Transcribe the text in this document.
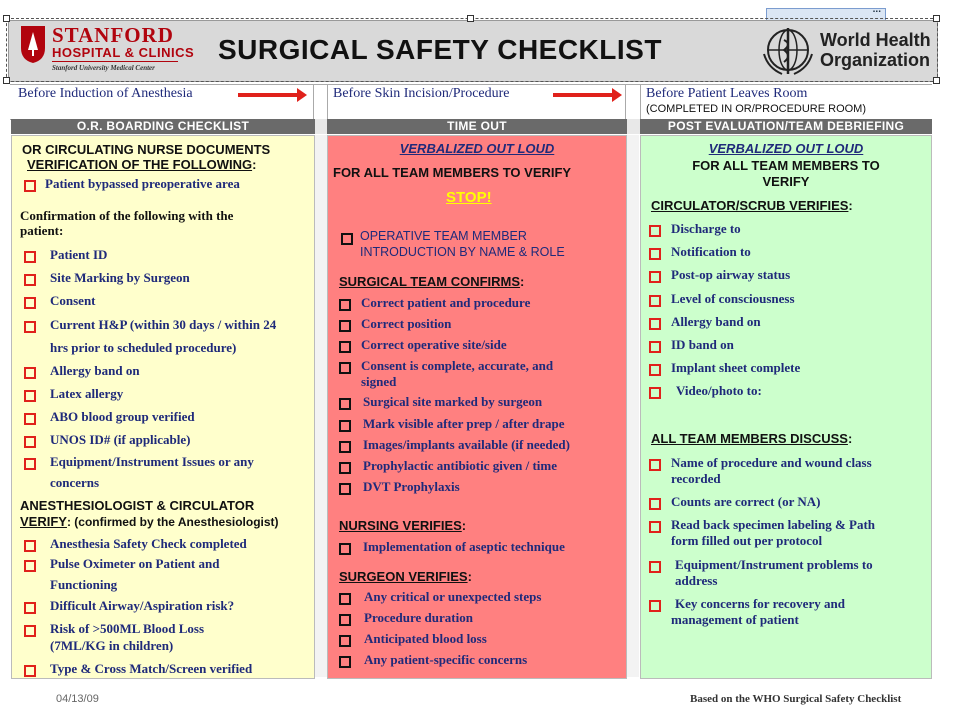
...
STANFORD
HOSPITAL & CLINICS
Stanford University Medical Center
SURGICAL SAFETY CHECKLIST	World Health
Organization
Before Induction of Anesthesia	Before Skin Incision/Procedure	Before Patient Leaves Room
(COMPLETED IN OR/PROCEDURE ROOM)
O.R. BOARDING CHECKLIST	TIME OUT	POST EVALUATION/TEAM DEBRIEFING
OR CIRCULATING NURSE DOCUMENTS
VERIFICATION OF THE FOLLOWING:
Patient bypassed preoperative area
Confirmation of the following with the
patient:
Patient ID
Site Marking by Surgeon
Consent
Current H&P (within 30 days / within 24
hrs prior to scheduled procedure)
Allergy band on
Latex allergy
ABO blood group verified
UNOS ID# (if applicable)
Equipment/Instrument Issues or any
concerns
ANESTHESIOLOGIST & CIRCULATOR
VERIFY: (confirmed by the Anesthesiologist)
Anesthesia Safety Check completed
Pulse Oximeter on Patient and
Functioning
Difficult Airway/Aspiration risk?
Risk of >500ML Blood Loss
(7ML/KG in children)
Type & Cross Match/Screen verified
VERBALIZED OUT LOUD
FOR ALL TEAM MEMBERS TO VERIFY
STOP!
OPERATIVE TEAM MEMBER
INTRODUCTION BY NAME & ROLE
SURGICAL TEAM CONFIRMS:
Correct patient and procedure
Correct position
Correct operative site/side
Consent is complete, accurate, and
signed
Surgical site marked by surgeon
Mark visible after prep / after drape
Images/implants available (if needed)
Prophylactic antibiotic given / time
DVT Prophylaxis
NURSING VERIFIES:
Implementation of aseptic technique
SURGEON VERIFIES:
Any critical or unexpected steps
Procedure duration
Anticipated blood loss
Any patient-specific concerns
VERBALIZED OUT LOUD
FOR ALL TEAM MEMBERS TO
VERIFY
CIRCULATOR/SCRUB VERIFIES:
Discharge to
Notification to
Post-op airway status
Level of consciousness
Allergy band on
ID band on
Implant sheet complete
Video/photo to:
ALL TEAM MEMBERS DISCUSS:
Name of procedure and wound class
recorded
Counts are correct (or NA)
Read back specimen labeling & Path
form filled out per protocol
Equipment/Instrument problems to
address
Key concerns for recovery and
management of patient
04/13/09	Based on the WHO Surgical Safety Checklist
